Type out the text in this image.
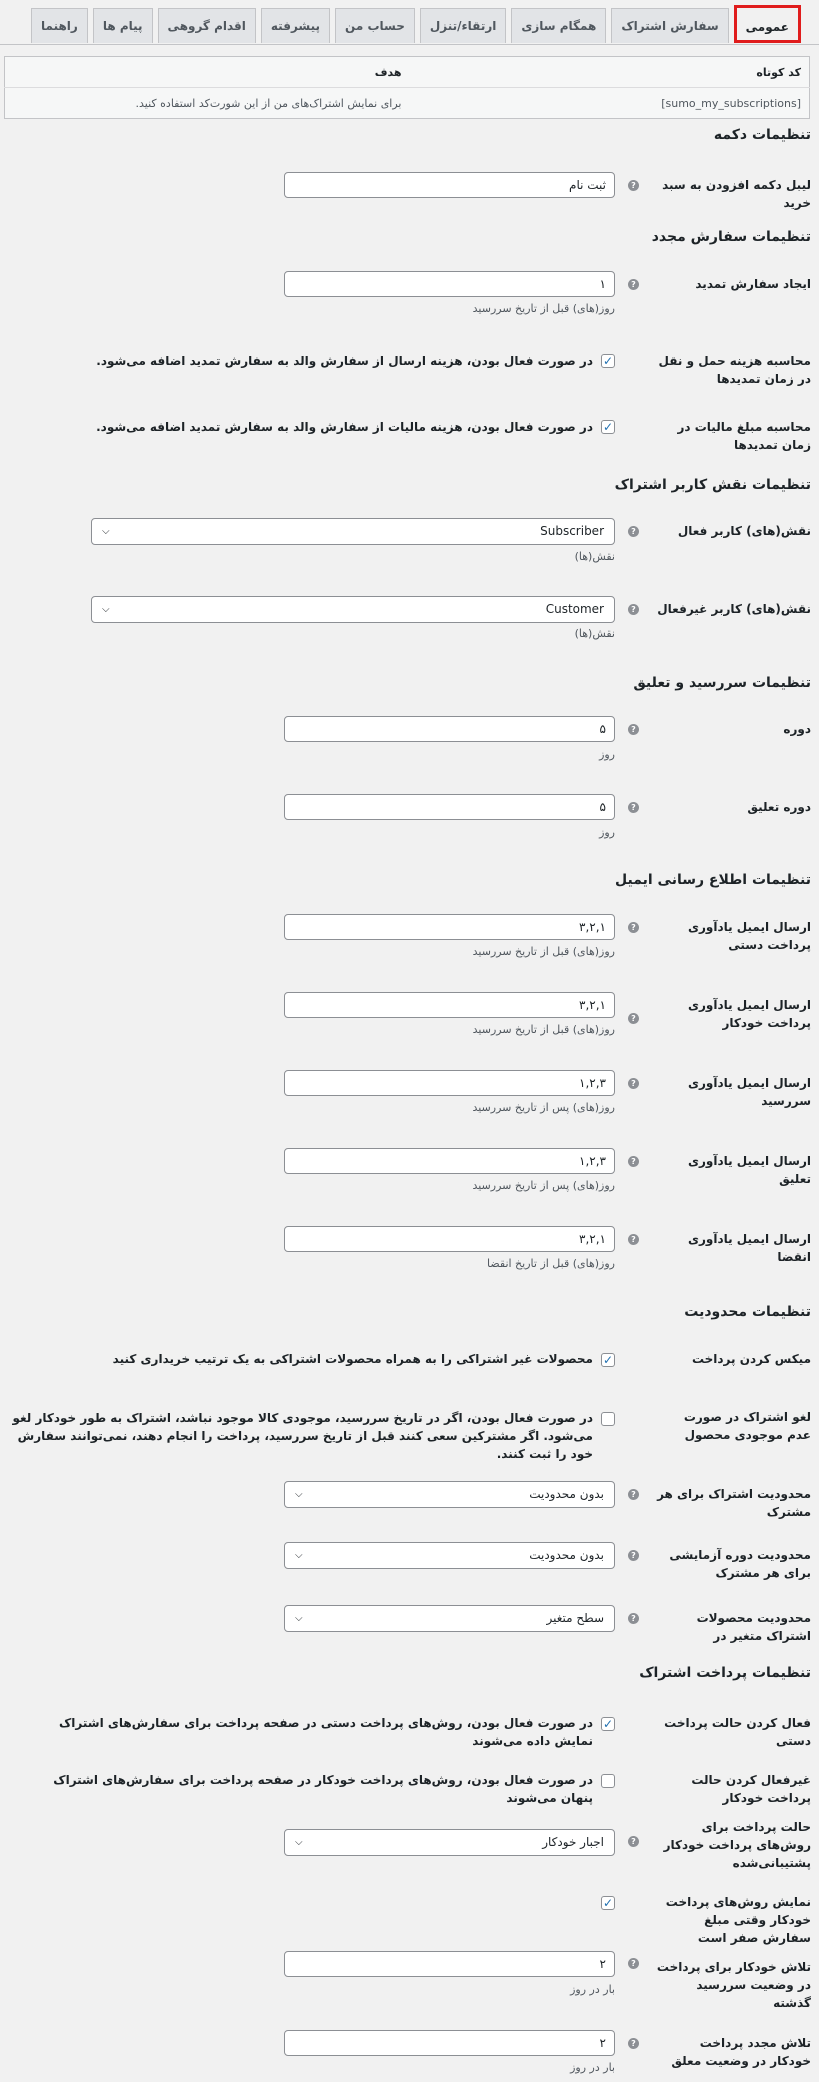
عمومی
سفارش اشتراک
همگام سازی
ارتقاء/تنزل
حساب من
پیشرفته
اقدام گروهی
پیام ها
راهنما
کد کوتاه	هدف
[sumo_my_subscriptions]	برای نمایش اشتراک‌های من از این شورت‌کد استفاده کنید.
تنظیمات دکمه
لیبل دکمه افزودن به سبد خرید
?
ثبت نام
تنظیمات سفارش مجدد
ایجاد سفارش تمدید
?
۱
روز(های) قبل از تاریخ سررسید
محاسبه هزینه حمل و نقل در زمان تمدیدها
✓
در صورت فعال بودن، هزینه ارسال از سفارش والد به سفارش تمدید اضافه می‌شود.
محاسبه مبلغ مالیات در زمان تمدیدها
✓
در صورت فعال بودن، هزینه مالیات از سفارش والد به سفارش تمدید اضافه می‌شود.
تنظیمات نقش کاربر اشتراک
نقش(های) کاربر فعال
?
Subscriber
⌵
نقش(ها)
نقش(های) کاربر غیرفعال
?
Customer
⌵
نقش(ها)
تنظیمات سررسید و تعلیق
دوره
?
۵
روز
دوره تعلیق
?
۵
روز
تنظیمات اطلاع رسانی ایمیل
ارسال ایمیل یادآوری پرداخت دستی
?
۳,۲,۱
روز(های) قبل از تاریخ سررسید
ارسال ایمیل یادآوری پرداخت خودکار
?
۳,۲,۱
روز(های) قبل از تاریخ سررسید
ارسال ایمیل یادآوری سررسید
?
۱,۲,۳
روز(های) پس از تاریخ سررسید
ارسال ایمیل یادآوری تعلیق
?
۱,۲,۳
روز(های) پس از تاریخ سررسید
ارسال ایمیل یادآوری انقضا
?
۳,۲,۱
روز(های) قبل از تاریخ انقضا
تنظیمات محدودیت
میکس کردن پرداخت
✓
محصولات غیر اشتراکی را به همراه محصولات اشتراکی به یک ترتیب خریداری کنید
لغو اشتراک در صورت عدم موجودی محصول
در صورت فعال بودن، اگر در تاریخ سررسید، موجودی کالا موجود نباشد، اشتراک به طور خودکار لغو می‌شود. اگر مشترکین سعی کنند قبل از تاریخ سررسید، پرداخت را انجام دهند، نمی‌توانند سفارش خود را ثبت کنند.
محدودیت اشتراک برای هر مشترک
?
بدون محدودیت
⌵
محدودیت دوره آزمایشی برای هر مشترک
?
بدون محدودیت
⌵
محدودیت محصولات اشتراک متغیر در
?
سطح متغیر
⌵
تنظیمات پرداخت اشتراک
فعال کردن حالت پرداخت دستی
✓
در صورت فعال بودن، روش‌های پرداخت دستی در صفحه پرداخت برای سفارش‌های اشتراک نمایش داده می‌شوند
غیرفعال کردن حالت پرداخت خودکار
در صورت فعال بودن، روش‌های پرداخت خودکار در صفحه پرداخت برای سفارش‌های اشتراک پنهان می‌شوند
حالت پرداخت برای روش‌های پرداخت خودکار پشتیبانی‌شده
?
اجبار خودکار
⌵
نمایش روش‌های پرداخت خودکار وقتی مبلغ سفارش صفر است
✓
تلاش خودکار برای پرداخت در وضعیت سررسید گذشته
?
۲
بار در روز
تلاش مجدد پرداخت خودکار در وضعیت معلق
?
۲
بار در روز
